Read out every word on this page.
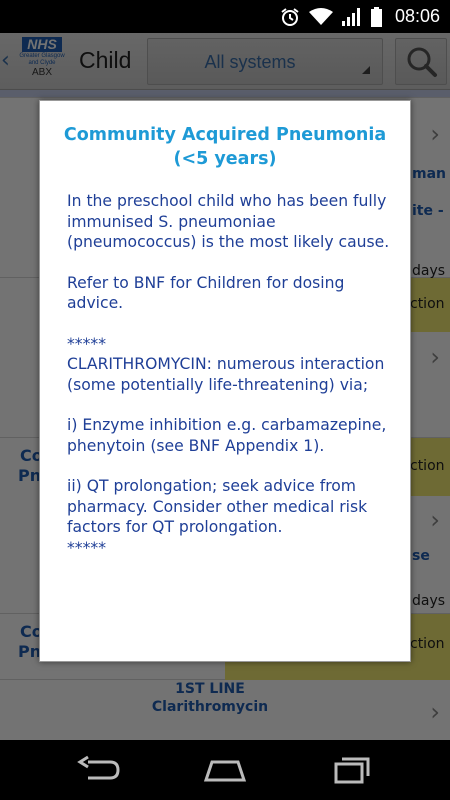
08:06
Community Acquired Pneumonia (<5 years)

In the preschool child who has been fully immunised S. pneumoniae (pneumococcus) is the most likely cause.

Refer to BNF for Children for dosing advice.

*****

CLARITHROMYCIN: numerous interaction (some potentially life-threatening) via;

i) Enzyme inhibition e.g. carbamazepine, phenytoin (see BNF Appendix 1).

ii) QT prolongation; seek advice from pharmacy. Consider other medical risk factors for QT prolongation.

*****
